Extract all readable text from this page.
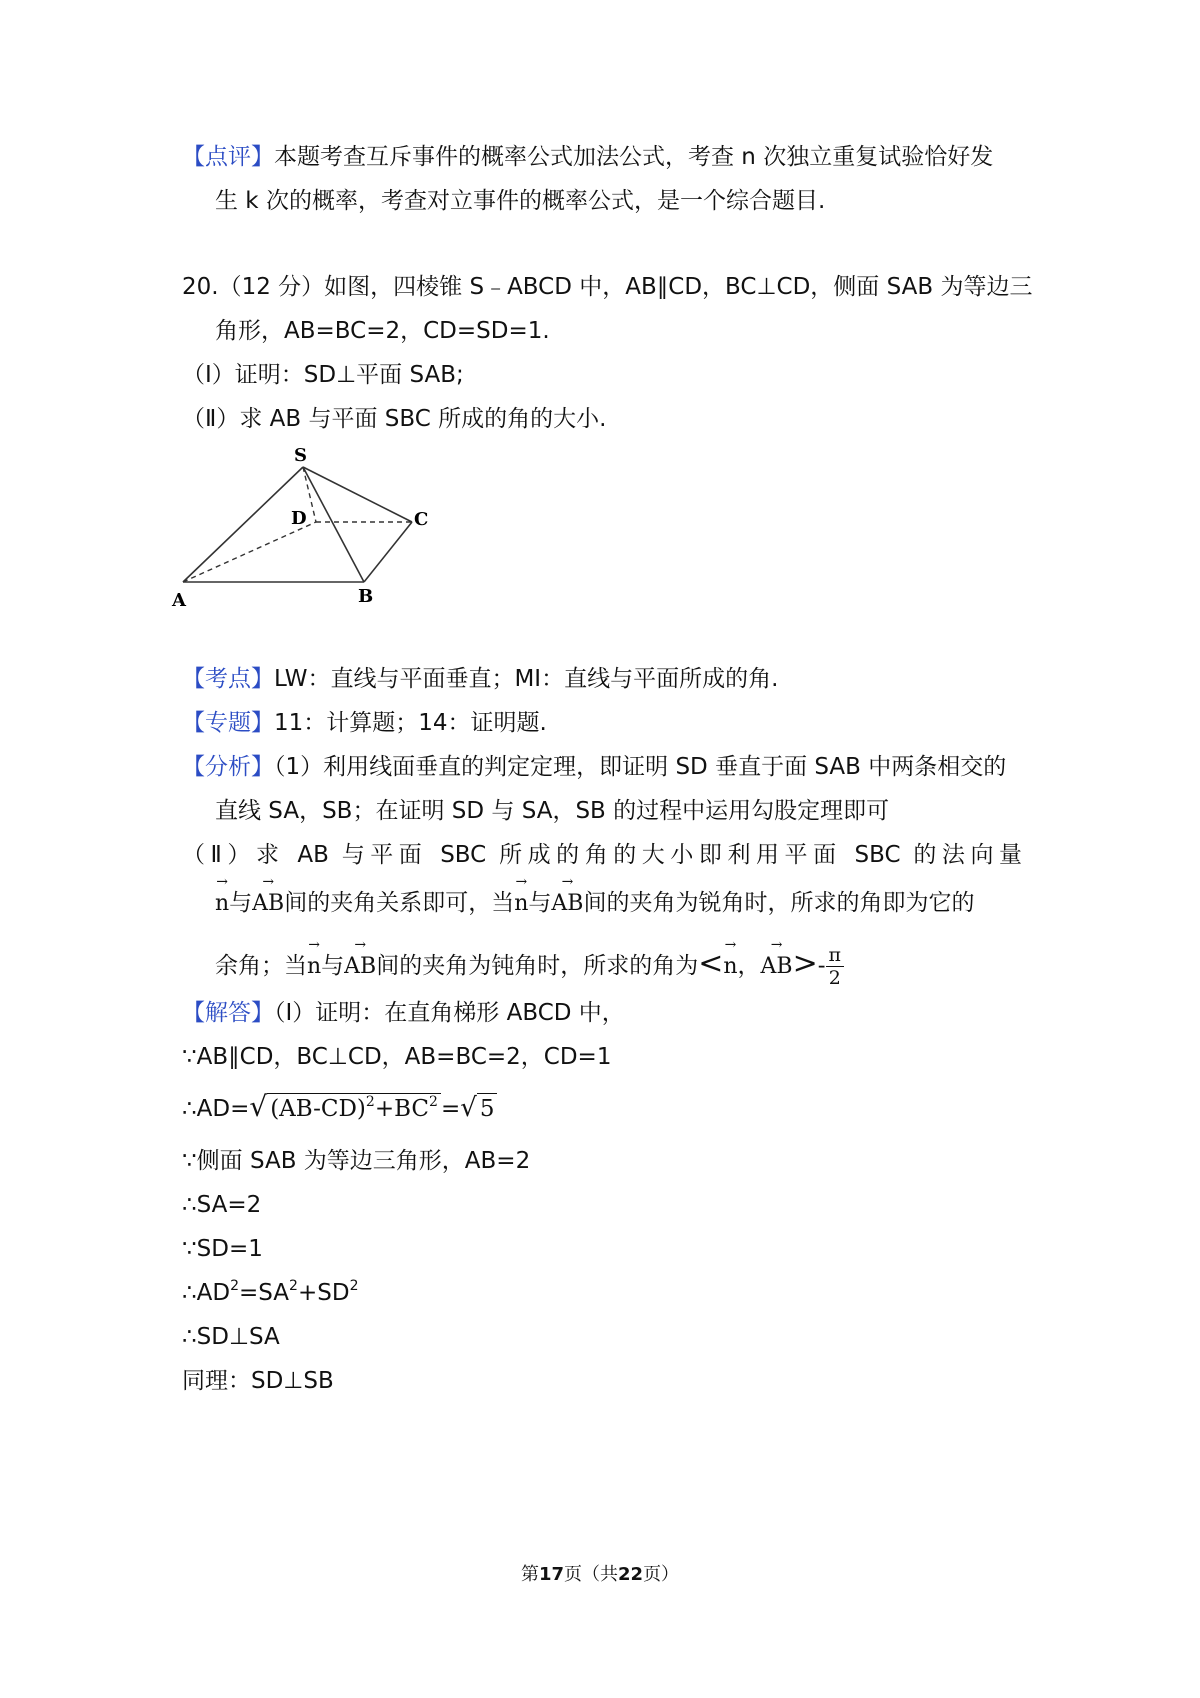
【点评】本题考查互斥事件的概率公式加法公式，考查 n 次独立重复试验恰好发
生 k 次的概率，考查对立事件的概率公式，是一个综合题目.
20.（12 分）如图，四棱锥 S﹣ABCD 中，AB∥CD，BC⊥CD，侧面 SAB 为等边三
角形，AB=BC=2，CD=SD=1.
（Ⅰ）证明：SD⊥平面 SAB;
（Ⅱ）求 AB 与平面 SBC 所成的角的大小.
S
D	C
A	B
【考点】LW：直线与平面垂直；MI：直线与平面所成的角.
【专题】11：计算题；14：证明题.
【分析】（1）利用线面垂直的判定定理，即证明 SD 垂直于面 SAB 中两条相交的
直线 SA，SB；在证明 SD 与 SA，SB 的过程中运用勾股定理即可
（Ⅱ）求 AB 与平面 SBC 所成的角的大小即利用平面 SBC 的法向量
→ n与→ AB间的夹角关系即可，当→ n与→ AB间的夹角为锐角时，所求的角即为它的
余角；当→ n与→ AB间的夹角为钝角时，所求的角为<→ n，→ $AB>- \frac{\pi}{2}$
【解答】（Ⅰ）证明：在直角梯形 ABCD 中，
∵AB∥CD，BC⊥CD，AB=BC=2，CD=1
∴AD=√ $(AB-CD)^2+BC^2$ =√ 5
∵侧面 SAB 为等边三角形，AB=2
∴SA=2
∵SD=1
$\therefore AD^2=SA^2+SD^2$
∴SD⊥SA
同理：SD⊥SB
第17页（共22页）
